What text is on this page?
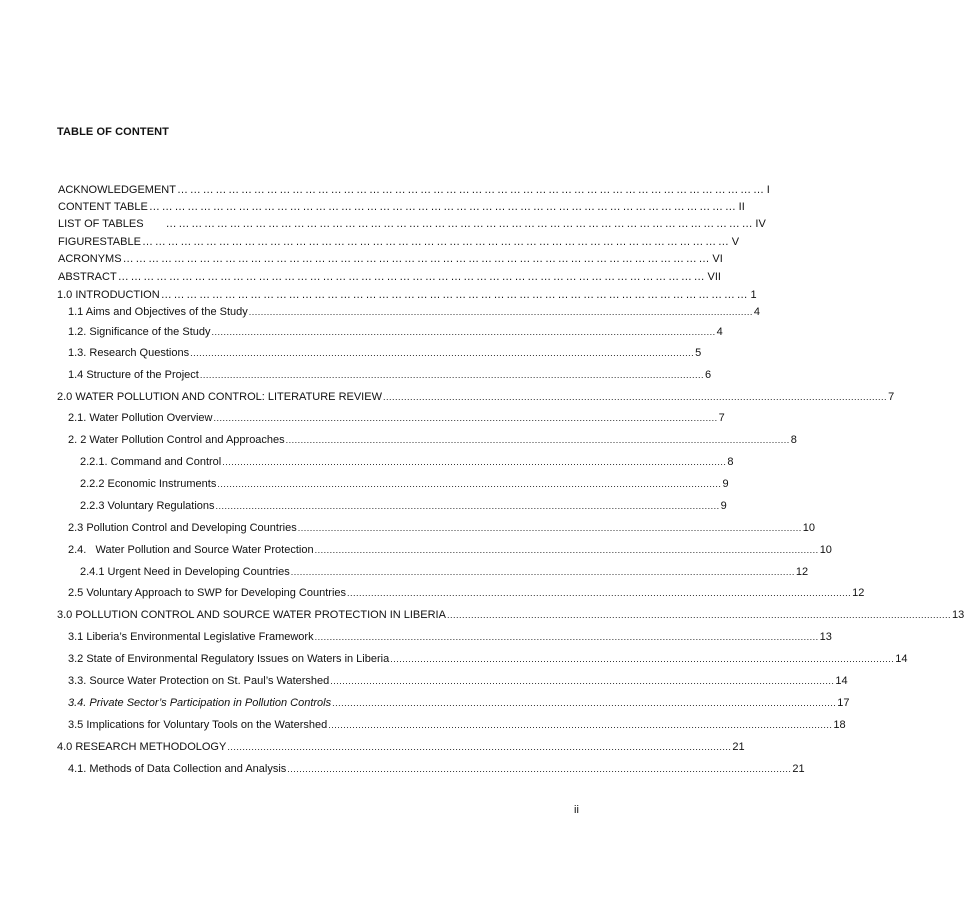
TABLE OF CONTENT
ACKNOWLEDGEMENT ………………………………………………………………………………………………………………………… I
CONTENT TABLE ………………………………………………………………………………………………………………………… II
LIST OF TABLES ………………………………………………………………………………………………………………………… IV
FIGURESTABLE ………………………………………………………………………………………………………………………… V
ACRONYMS ………………………………………………………………………………………………………………………… VI
ABSTRACT ………………………………………………………………………………………………………………………… VII
1.0 INTRODUCTION ………………………………………………………………………………………………………………………… 1
1.1 Aims and Objectives of the Study ........................................................................................................................................................................ 4
1.2. Significance of the Study ........................................................................................................................................................................ 4
1.3. Research Questions ........................................................................................................................................................................ 5
1.4 Structure of the Project ........................................................................................................................................................................ 6
2.0 WATER POLLUTION AND CONTROL: LITERATURE REVIEW ........................................................................................................................................................................ 7
2.1. Water Pollution Overview ........................................................................................................................................................................ 7
2. 2 Water Pollution Control and Approaches ........................................................................................................................................................................ 8
2.2.1. Command and Control ........................................................................................................................................................................ 8
2.2.2 Economic Instruments ........................................................................................................................................................................ 9
2.2.3 Voluntary Regulations ........................................................................................................................................................................ 9
2.3 Pollution Control and Developing Countries ........................................................................................................................................................................ 10
2.4.   Water Pollution and Source Water Protection ........................................................................................................................................................................ 10
2.4.1 Urgent Need in Developing Countries ........................................................................................................................................................................ 12
2.5 Voluntary Approach to SWP for Developing Countries ........................................................................................................................................................................ 12
3.0 POLLUTION CONTROL AND SOURCE WATER PROTECTION IN LIBERIA ........................................................................................................................................................................ 13
3.1 Liberia’s Environmental Legislative Framework ........................................................................................................................................................................ 13
3.2 State of Environmental Regulatory Issues on Waters in Liberia ........................................................................................................................................................................ 14
3.3. Source Water Protection on St. Paul’s Watershed ........................................................................................................................................................................ 14
3.4. Private Sector’s Participation in Pollution Controls ........................................................................................................................................................................ 17
3.5 Implications for Voluntary Tools on the Watershed ........................................................................................................................................................................ 18
4.0 RESEARCH METHODOLOGY ........................................................................................................................................................................ 21
4.1. Methods of Data Collection and Analysis ........................................................................................................................................................................ 21
ii
